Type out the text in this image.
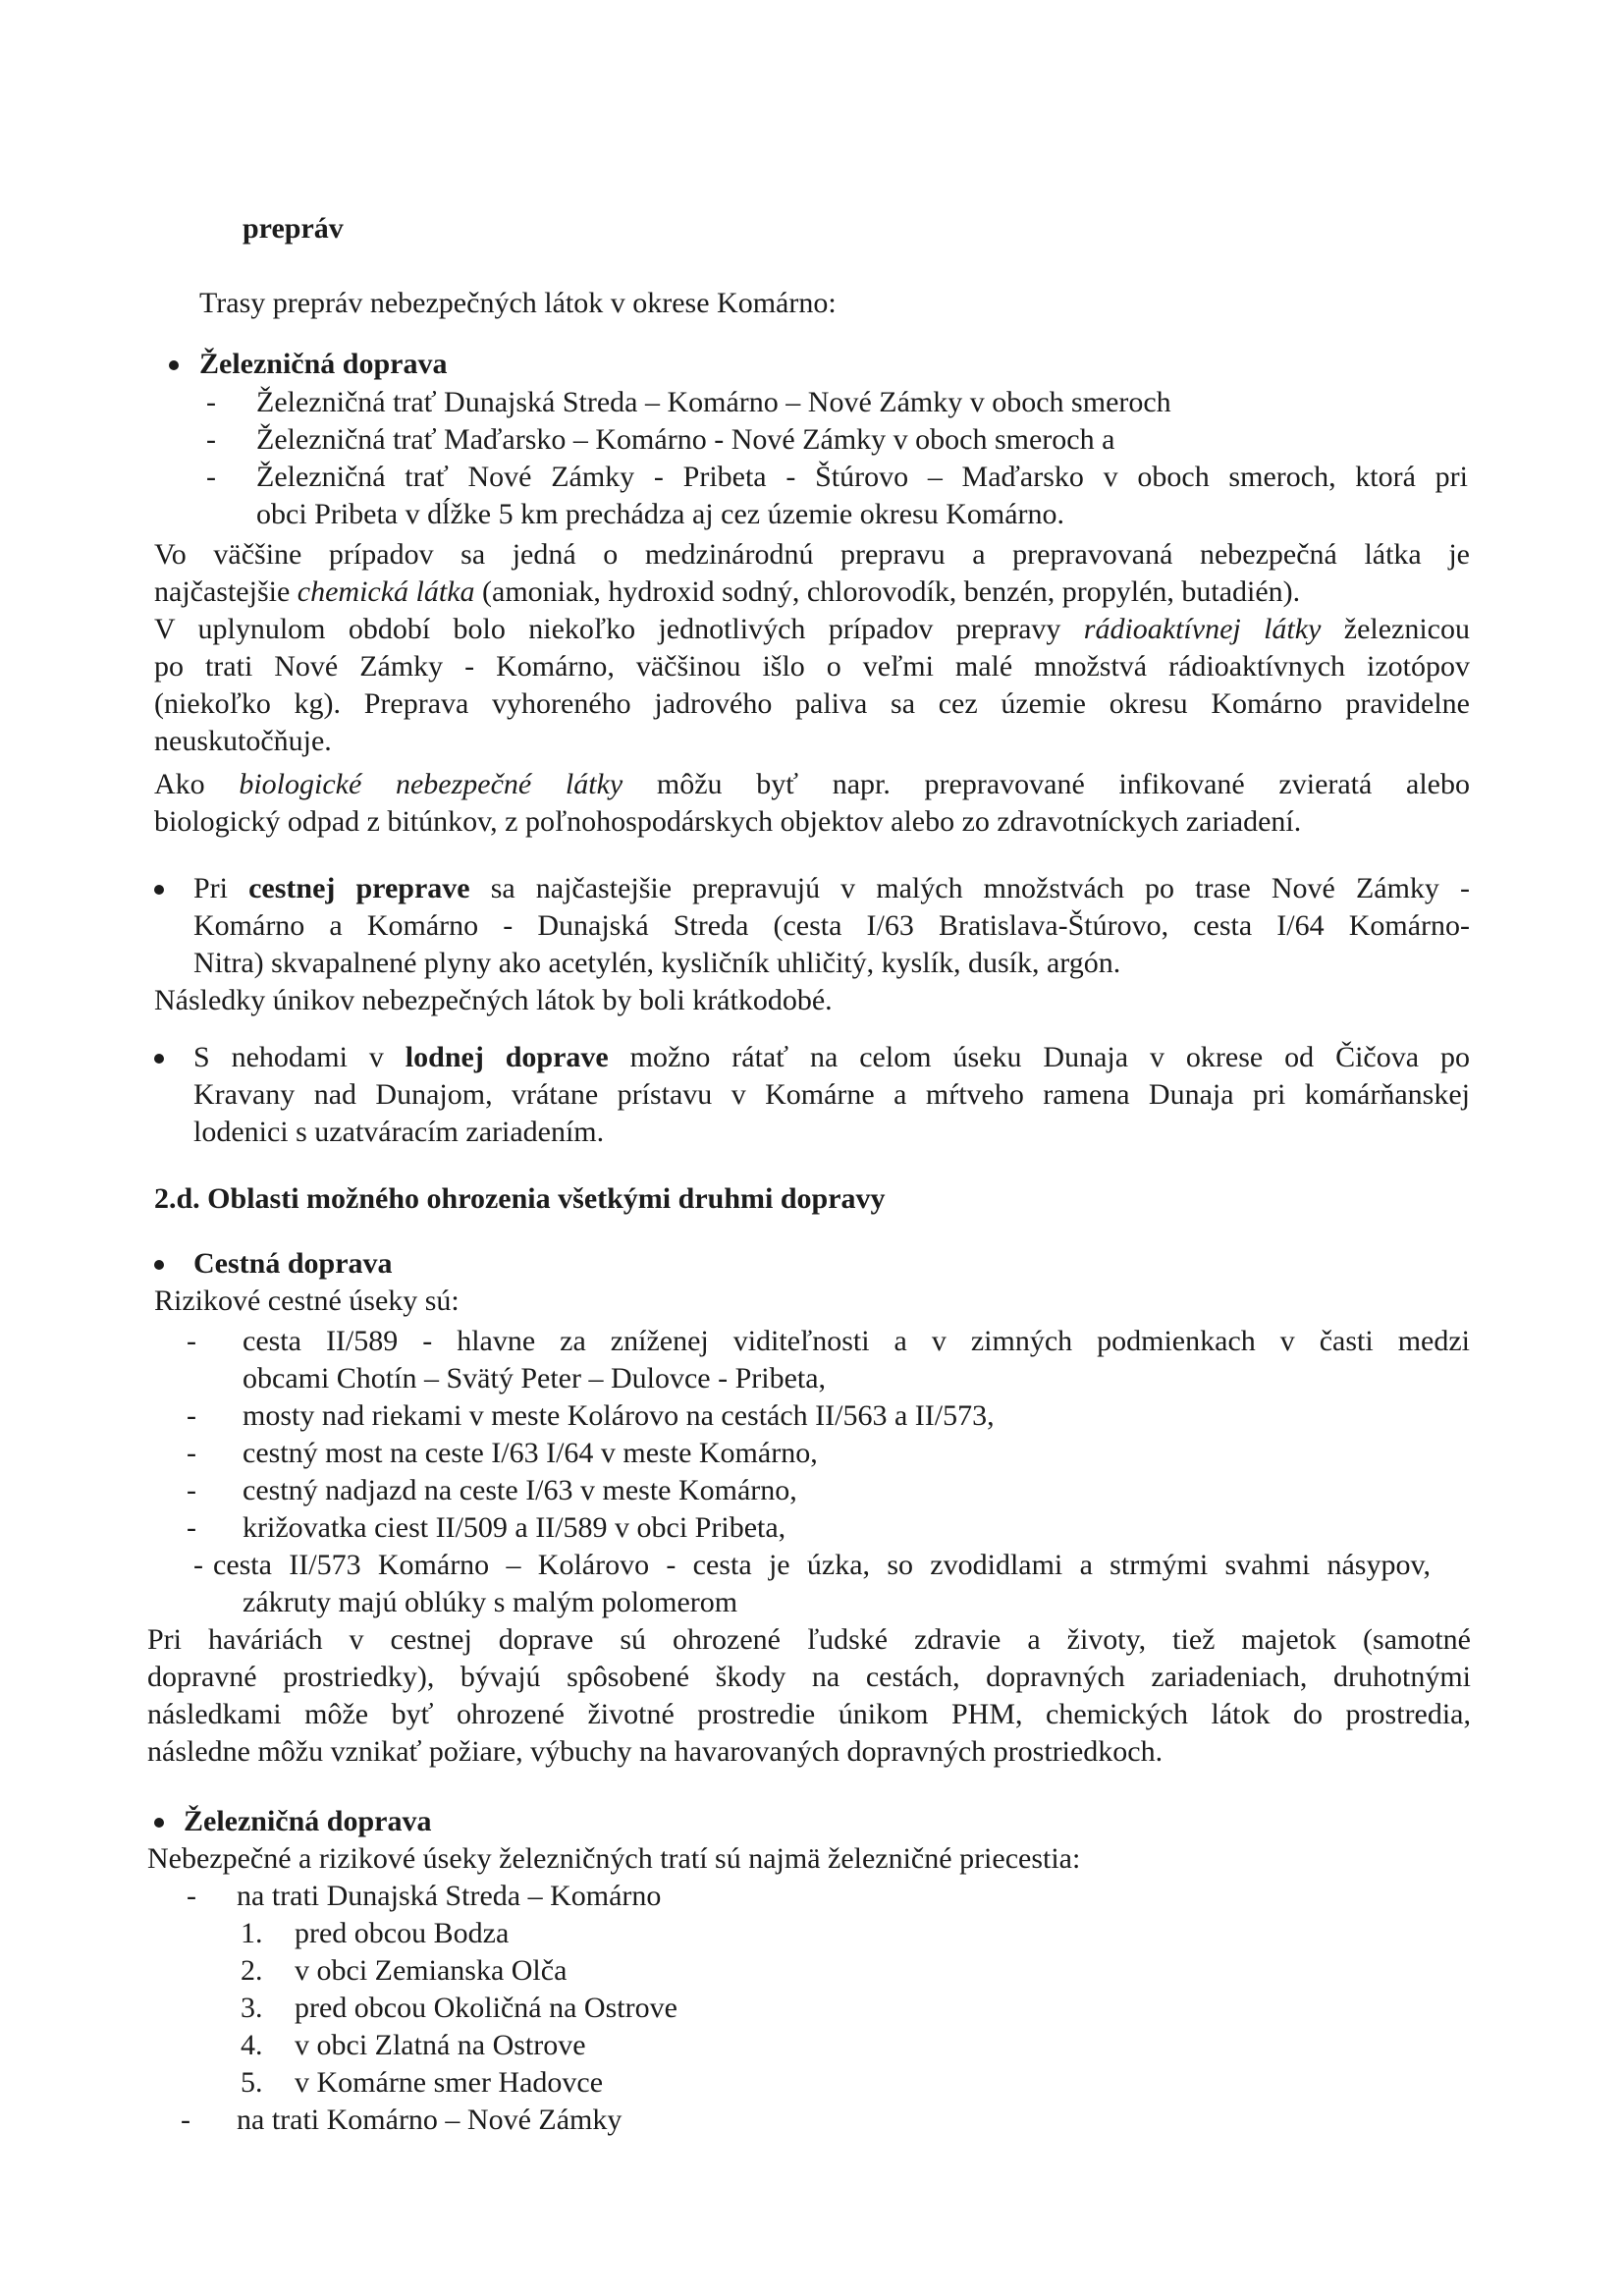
prepráv
Trasy prepráv nebezpečných látok v okrese Komárno:
Železničná doprava
- Železničná trať Dunajská Streda – Komárno – Nové Zámky v oboch smeroch
- Železničná trať Maďarsko – Komárno - Nové Zámky v oboch smeroch a
- Železničná trať Nové Zámky - Pribeta - Štúrovo – Maďarsko v oboch smeroch, ktorá pri
obci Pribeta v dĺžke 5 km prechádza aj cez územie okresu Komárno.
Vo väčšine prípadov sa jedná o medzinárodnú prepravu a prepravovaná nebezpečná látka je
najčastejšie chemická látka (amoniak, hydroxid sodný, chlorovodík, benzén, propylén, butadién).
V uplynulom období bolo niekoľko jednotlivých prípadov prepravy rádioaktívnej látky železnicou
po trati Nové Zámky - Komárno, väčšinou išlo o veľmi malé množstvá rádioaktívnych izotópov
(niekoľko kg). Preprava vyhoreného jadrového paliva sa cez územie okresu Komárno pravidelne
neuskutočňuje.
Ako biologické nebezpečné látky môžu byť napr. prepravované infikované zvieratá alebo
biologický odpad z bitúnkov, z poľnohospodárskych objektov alebo zo zdravotníckych zariadení.
Pri cestnej preprave sa najčastejšie prepravujú v malých množstvách po trase Nové Zámky -
Komárno a Komárno - Dunajská Streda (cesta I/63 Bratislava-Štúrovo, cesta I/64 Komárno-
Nitra) skvapalnené plyny ako acetylén, kysličník uhličitý, kyslík, dusík, argón.
Následky únikov nebezpečných látok by boli krátkodobé.
S nehodami v lodnej doprave možno rátať na celom úseku Dunaja v okrese od Čičova po
Kravany nad Dunajom, vrátane prístavu v Komárne a mŕtveho ramena Dunaja pri komárňanskej
lodenici s uzatváracím zariadením.
2.d. Oblasti možného ohrozenia všetkými druhmi dopravy
Cestná doprava
Rizikové cestné úseky sú:
- cesta II/589 - hlavne za zníženej viditeľnosti a v zimných podmienkach v časti medzi
obcami Chotín – Svätý Peter – Dulovce - Pribeta,
- mosty nad riekami v meste Kolárovo na cestách II/563 a II/573,
- cestný most na ceste I/63 I/64 v meste Komárno,
- cestný nadjazd na ceste I/63 v meste Komárno,
- križovatka ciest II/509 a II/589 v obci Pribeta,
- cesta II/573 Komárno – Kolárovo - cesta je úzka, so zvodidlami a strmými svahmi násypov,
zákruty majú oblúky s malým polomerom
Pri haváriách v cestnej doprave sú ohrozené ľudské zdravie a životy, tiež majetok (samotné
dopravné prostriedky), bývajú spôsobené škody na cestách, dopravných zariadeniach, druhotnými
následkami môže byť ohrozené životné prostredie únikom PHM, chemických látok do prostredia,
následne môžu vznikať požiare, výbuchy na havarovaných dopravných prostriedkoch.
Železničná doprava
Nebezpečné a rizikové úseky železničných tratí sú najmä železničné priecestia:
- na trati Dunajská Streda – Komárno
1. pred obcou Bodza
2. v obci Zemianska Olča
3. pred obcou Okoličná na Ostrove
4. v obci Zlatná na Ostrove
5. v Komárne smer Hadovce
- na trati Komárno – Nové Zámky
